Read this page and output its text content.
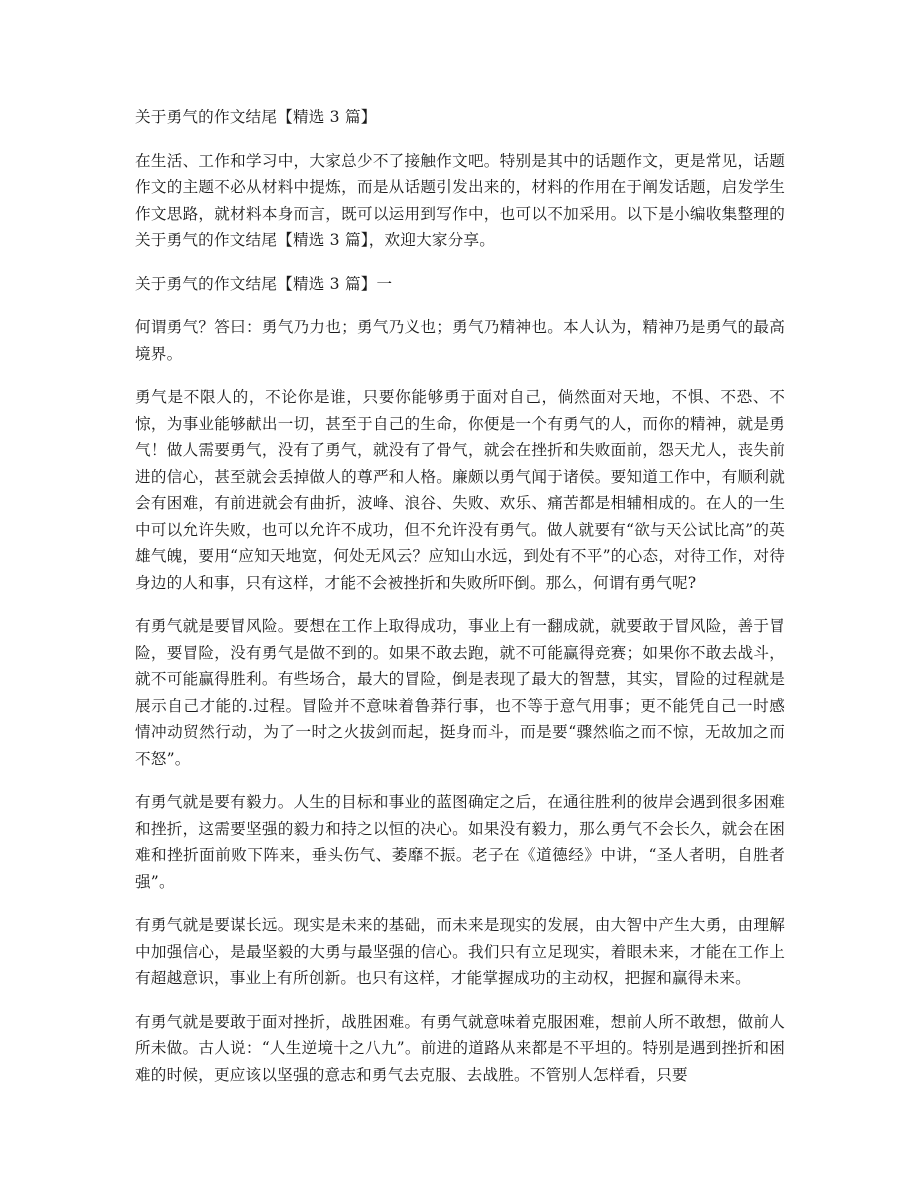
关于勇气的作文结尾【精选 3 篇】

在生活、工作和学习中，大家总少不了接触作文吧。特别是其中的话题作文，更是常见，话题作文的主题不必从材料中提炼，而是从话题引发出来的，材料的作用在于阐发话题，启发学生作文思路，就材料本身而言，既可以运用到写作中，也可以不加采用。以下是小编收集整理的关于勇气的作文结尾【精选 3 篇】，欢迎大家分享。

关于勇气的作文结尾【精选 3 篇】一

何谓勇气？答曰：勇气乃力也；勇气乃义也；勇气乃精神也。本人认为，精神乃是勇气的最高境界。

勇气是不限人的，不论你是谁，只要你能够勇于面对自己，倘然面对天地，不惧、不恐、不惊，为事业能够献出一切，甚至于自己的生命，你便是一个有勇气的人，而你的精神，就是勇气！做人需要勇气，没有了勇气，就没有了骨气，就会在挫折和失败面前，怨天尤人，丧失前进的信心，甚至就会丢掉做人的尊严和人格。廉颇以勇气闻于诸侯。要知道工作中，有顺利就会有困难，有前进就会有曲折，波峰、浪谷、失败、欢乐、痛苦都是相辅相成的。在人的一生中可以允许失败，也可以允许不成功，但不允许没有勇气。做人就要有“欲与天公试比高”的英雄气魄，要用“应知天地宽，何处无风云？应知山水远，到处有不平”的心态，对待工作，对待身边的人和事，只有这样，才能不会被挫折和失败所吓倒。那么，何谓有勇气呢?

有勇气就是要冒风险。要想在工作上取得成功，事业上有一翻成就，就要敢于冒风险，善于冒险，要冒险，没有勇气是做不到的。如果不敢去跑，就不可能赢得竞赛；如果你不敢去战斗，就不可能赢得胜利。有些场合，最大的冒险，倒是表现了最大的智慧，其实，冒险的过程就是展示自己才能的.过程。冒险并不意味着鲁莽行事，也不等于意气用事；更不能凭自己一时感情冲动贸然行动，为了一时之火拔剑而起，挺身而斗，而是要“骤然临之而不惊，无故加之而不怒”。

有勇气就是要有毅力。人生的目标和事业的蓝图确定之后，在通往胜利的彼岸会遇到很多困难和挫折，这需要坚强的毅力和持之以恒的决心。如果没有毅力，那么勇气不会长久，就会在困难和挫折面前败下阵来，垂头伤气、萎靡不振。老子在《道德经》中讲，“圣人者明，自胜者强”。

有勇气就是要谋长远。现实是未来的基础，而未来是现实的发展，由大智中产生大勇，由理解中加强信心，是最坚毅的大勇与最坚强的信心。我们只有立足现实，着眼未来，才能在工作上有超越意识，事业上有所创新。也只有这样，才能掌握成功的主动权，把握和赢得未来。

有勇气就是要敢于面对挫折，战胜困难。有勇气就意味着克服困难，想前人所不敢想，做前人所未做。古人说：“人生逆境十之八九”。前进的道路从来都是不平坦的。特别是遇到挫折和困难的时候，更应该以坚强的意志和勇气去克服、去战胜。不管别人怎样看，只要
